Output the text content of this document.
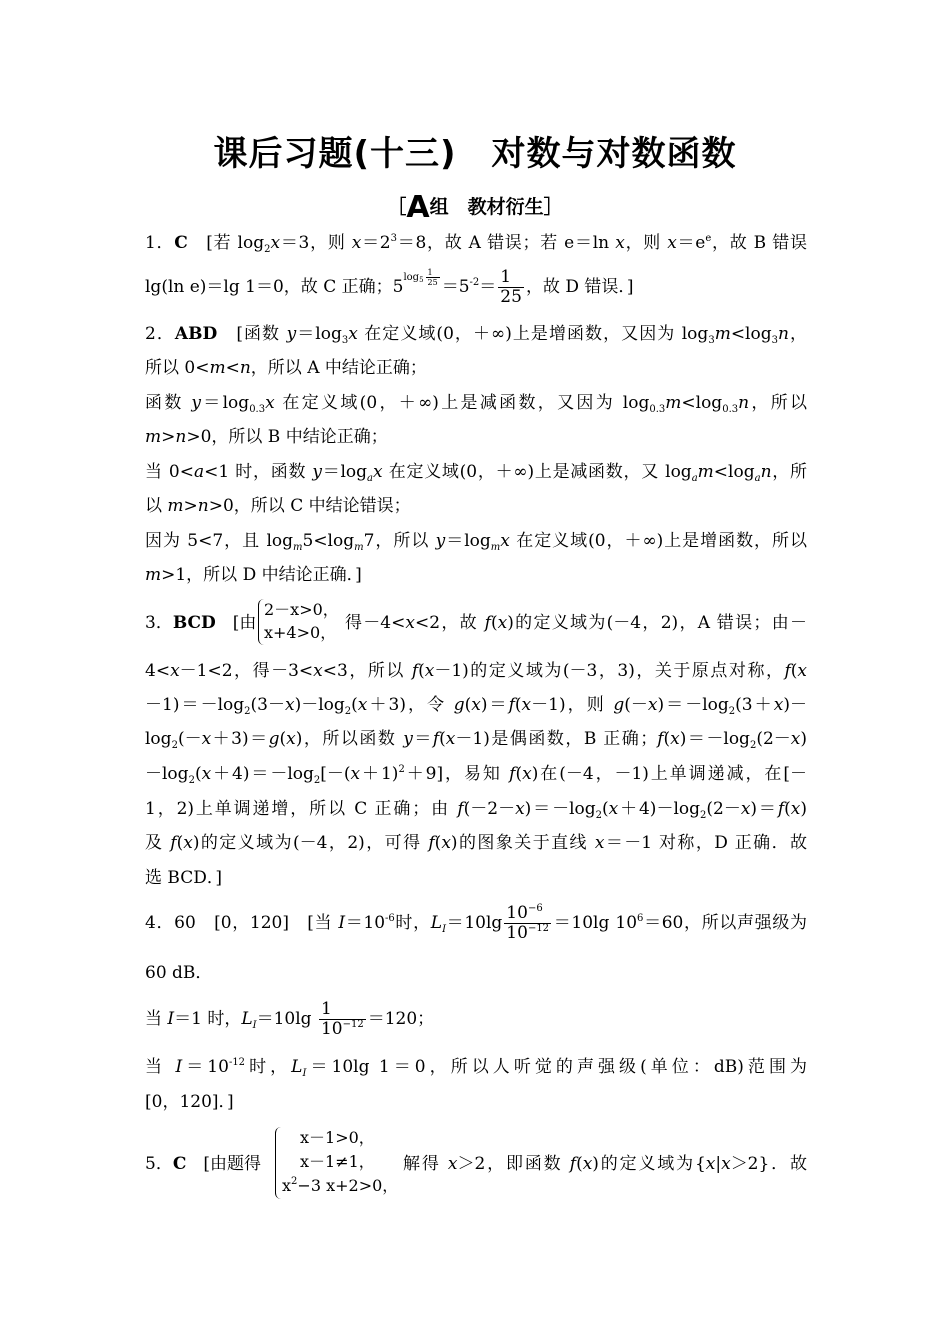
课后习题(十三)　对数与对数函数
［A组　教材衍生］
1．C　[若 $\log_2x=3$，则 $x=2^3=8$，故 A 错误；若 e＝ln x，则 $x=e^e$，故 B 错误
lg(ln e)＝lg 1＝0，故 C 正确；$5^{log_5 \frac{1}{25}} =5^{-2}= \frac{1}{25}$ ，故 D 错误．]
2．ABD　[函数 $y=\log_3x$ 在定义域(0，＋∞)上是增函数，又因为 $\log_3m<\log_3n$，
所以 0<m<n，所以 A 中结论正确；
函数 $y=\log_{0.3}x$ 在定义域(0，＋∞)上是减函数，又因为 $\log_{0.3}m<\log_{0.3}n$，所以
m>n>0，所以 B 中结论正确；
当 0<a<1 时，函数 $y=\log_ax$ 在定义域(0，＋∞)上是减函数，又 $\log_am<\log_an$，所
以 m>n>0，所以 C 中结论错误；
因为 5<7，且 $\log_m5<\log_m7$，所以 $y=\log_mx$ 在定义域(0，＋∞)上是增函数，所以
m>1，所以 D 中结论正确．]
3．BCD　[由
2－x>0，
x+4>0， 得－4<x<2，故 f(x)的定义域为(－4，2)，A 错误；由－
4<x－1<2，得－3<x<3，所以 f(x－1)的定义域为(－3，3)，关于原点对称，f(x
$-1)=-\log_2(3-x)-\log_2(x+3)$，令 g(x)＝f(x－1)，则 $g(-x)=-\log_2(3+x)-$
$\log_2(-x+3)=g(x)$，所以函数 y＝f(x－1)是偶函数，B 正确；$f(x)=-\log_2(2-x)$
$-\log_2(x+4)=-\log_2[-(x+1)^2+9]$，易知 f(x)在(－4，－1)上单调递减，在[－
1，2)上单调递增，所以 C 正确；由 $f(-2-x)=-\log_2(x+4)-\log_2(2-x)=f(x)$
及 f(x)的定义域为(－4，2)，可得 f(x)的图象关于直线 x＝－1 对称，D 正确．故
选 BCD．]
4．60　[0，120]　[当 $I=10^{-6}$时，$L_I=10\lg \frac{10^{-6}}{10^{-12}} =10\lg$ $10^6=60$，所以声强级为
60 dB．
当 I＝1 时，$L_I=10\lg \frac{1}{10^{-12}} =120$；
当 $I=10^{-12}$时，$L_I=10\lg$ 1＝0，所以人听觉的声强级(单位：dB)范围为
[0，120]．]
5．C　[由题得
x－1>0，
x－1≠1，
$x^2-3$ x+2>0，
解得 x＞2，即函数 f(x)的定义域为{x|x＞2}．故
